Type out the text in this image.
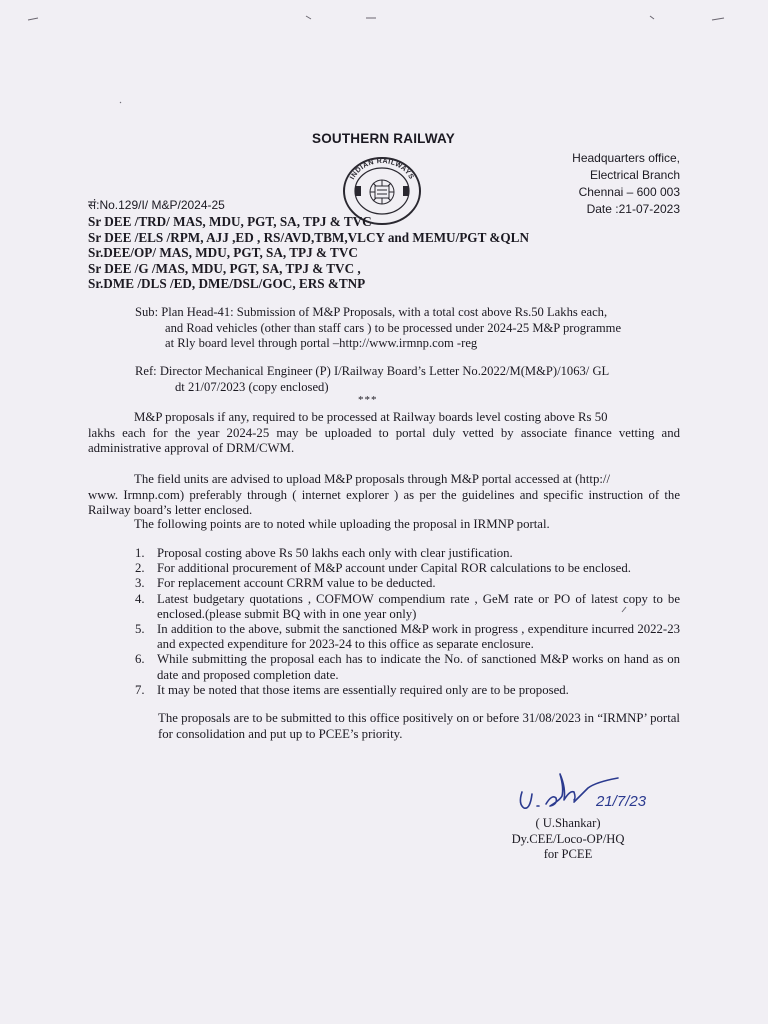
SOUTHERN RAILWAY
INDIAN RAILWAYS
Headquarters office,
Electrical Branch
Chennai – 600 003
Date :21-07-2023
सं:No.129/I/ M&P/2024-25
Sr DEE /TRD/ MAS, MDU, PGT, SA, TPJ & TVC
Sr DEE /ELS /RPM, AJJ ,ED , RS/AVD,TBM,VLCY and MEMU/PGT &QLN
Sr.DEE/OP/ MAS, MDU, PGT, SA, TPJ & TVC
Sr DEE /G /MAS, MDU, PGT, SA, TPJ & TVC ,
Sr.DME /DLS /ED, DME/DSL/GOC, ERS &TNP
Sub: Plan Head-41: Submission of M&P Proposals, with a total cost above Rs.50 Lakhs each,
and Road vehicles (other than staff cars ) to be processed under 2024-25 M&P programme
at Rly board level through portal –http://www.irmnp.com -reg
Ref: Director Mechanical Engineer (P) I/Railway Board’s Letter No.2022/M(M&P)/1063/ GL
dt 21/07/2023 (copy enclosed)
***
M&P proposals if any, required to be processed at Railway boards level costing above Rs 50
lakhs each for the year 2024-25 may be uploaded to portal duly vetted by associate finance vetting and administrative approval of DRM/CWM.
The field units are advised to upload M&P proposals through M&P portal accessed at (http://
www. Irmnp.com) preferably through ( internet explorer ) as per the guidelines and specific instruction of the Railway board’s letter enclosed.
The following points are to noted while uploading the proposal in IRMNP portal.
1. Proposal costing above Rs 50 lakhs each only with clear justification.
2. For additional procurement of M&P account under Capital ROR calculations to be enclosed.
3. For replacement account CRRM value to be deducted.
4. Latest budgetary quotations , COFMOW compendium rate , GeM rate or PO of latest copy to be enclosed.(please submit BQ with in one year only)
5. In addition to the above, submit the sanctioned M&P work in progress , expenditure incurred 2022-23 and expected expenditure for 2023-24 to this office as separate enclosure.
6. While submitting the proposal each has to indicate the No. of sanctioned M&P works on hand as on date and proposed completion date.
7. It may be noted that those items are essentially required only are to be proposed.
The proposals are to be submitted to this office positively on or before 31/08/2023 in “IRMNP’ portal for consolidation and put up to PCEE’s priority.
21/7/23
( U.Shankar)
Dy.CEE/Loco-OP/HQ
for PCEE
